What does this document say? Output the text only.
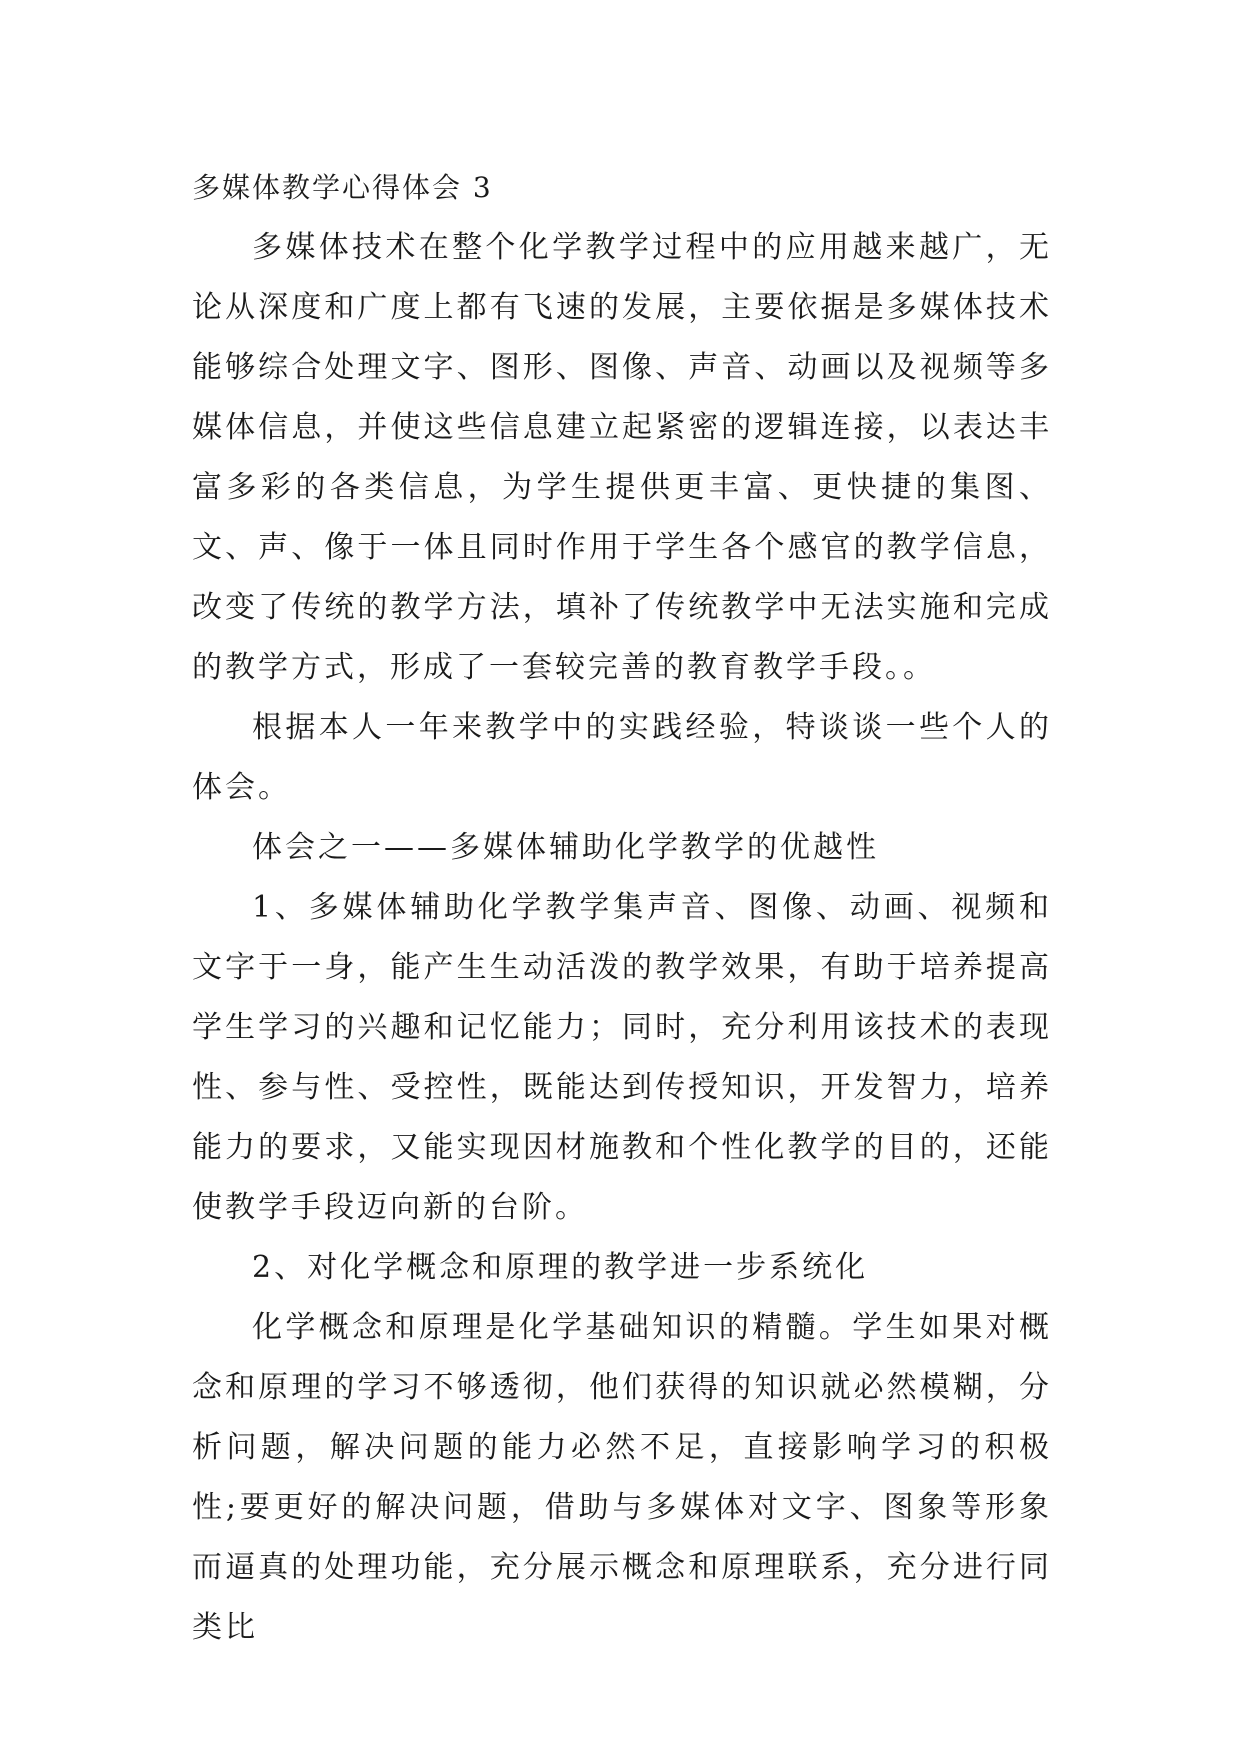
多媒体教学心得体会 3

多媒体技术在整个化学教学过程中的应用越来越广，无论从深度和广度上都有飞速的发展，主要依据是多媒体技术能够综合处理文字、图形、图像、声音、动画以及视频等多媒体信息，并使这些信息建立起紧密的逻辑连接，以表达丰富多彩的各类信息，为学生提供更丰富、更快捷的集图、文、声、像于一体且同时作用于学生各个感官的教学信息，改变了传统的教学方法，填补了传统教学中无法实施和完成的教学方式，形成了一套较完善的教育教学手段。。

根据本人一年来教学中的实践经验，特谈谈一些个人的体会。

体会之一——多媒体辅助化学教学的优越性

1、多媒体辅助化学教学集声音、图像、动画、视频和文字于一身，能产生生动活泼的教学效果，有助于培养提高学生学习的兴趣和记忆能力；同时，充分利用该技术的表现性、参与性、受控性，既能达到传授知识，开发智力，培养能力的要求，又能实现因材施教和个性化教学的目的，还能使教学手段迈向新的台阶。

2、对化学概念和原理的教学进一步系统化

化学概念和原理是化学基础知识的精髓。学生如果对概念和原理的学习不够透彻，他们获得的知识就必然模糊，分析问题，解决问题的能力必然不足，直接影响学习的积极性;要更好的解决问题，借助与多媒体对文字、图象等形象而逼真的处理功能，充分展示概念和原理联系，充分进行同类比
